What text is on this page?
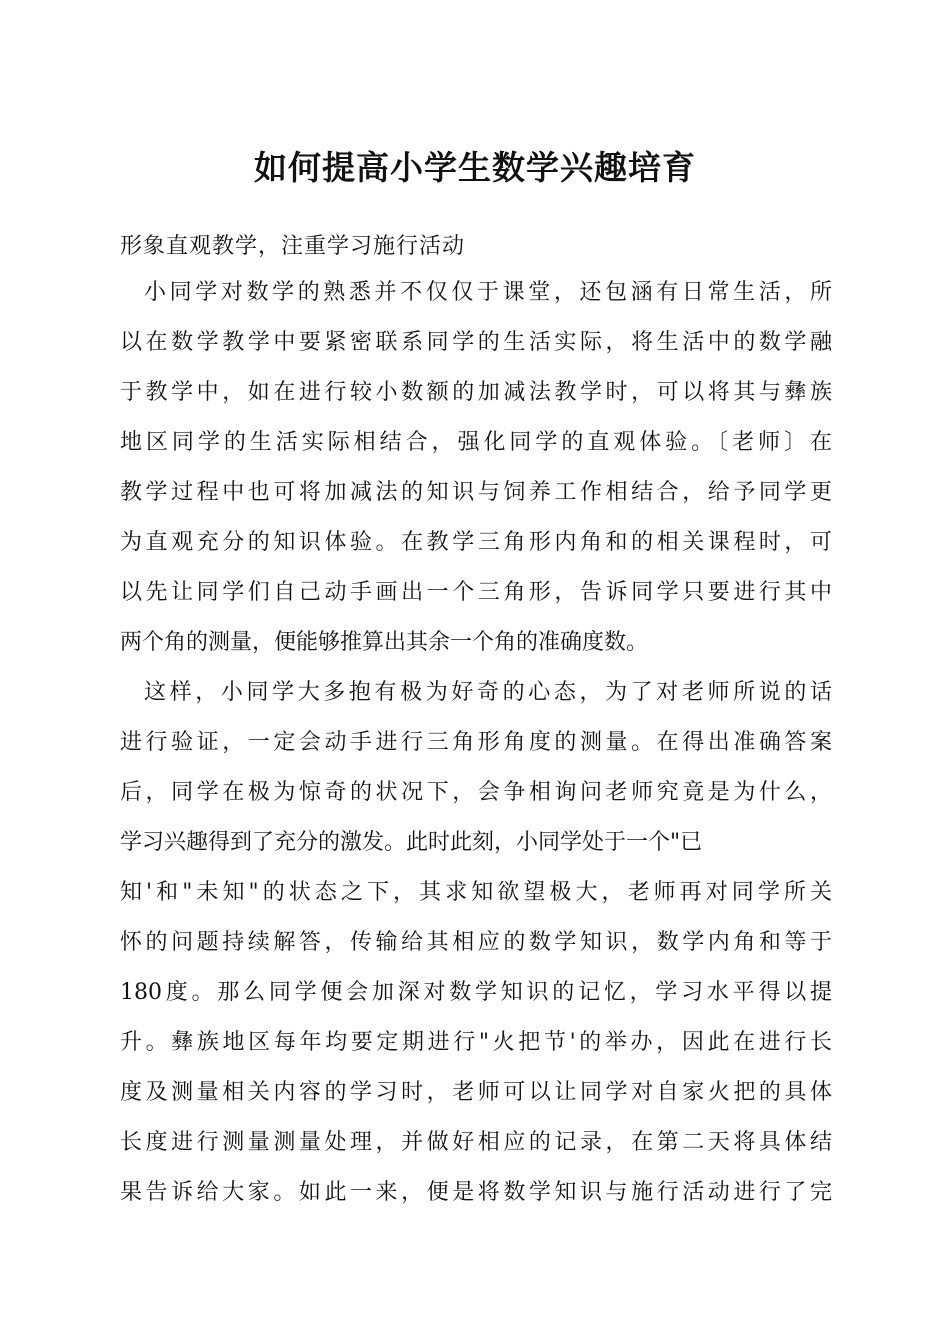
如何提高小学生数学兴趣培育

形象直观教学，注重学习施行活动

小同学对数学的熟悉并不仅仅于课堂，还包涵有日常生活，所

以在数学教学中要紧密联系同学的生活实际，将生活中的数学融

于教学中，如在进行较小数额的加减法教学时，可以将其与彝族

地区同学的生活实际相结合，强化同学的直观体验。〔老师〕在

教学过程中也可将加减法的知识与饲养工作相结合，给予同学更

为直观充分的知识体验。在教学三角形内角和的相关课程时，可

以先让同学们自己动手画出一个三角形，告诉同学只要进行其中

两个角的测量，便能够推算出其余一个角的准确度数。

这样，小同学大多抱有极为好奇的心态，为了对老师所说的话

进行验证，一定会动手进行三角形角度的测量。在得出准确答案

后，同学在极为惊奇的状况下，会争相询问老师究竟是为什么，

学习兴趣得到了充分的激发。此时此刻，小同学处于一个"已

知'和"未知"的状态之下，其求知欲望极大，老师再对同学所关

怀的问题持续解答，传输给其相应的数学知识，数学内角和等于

180度。那么同学便会加深对数学知识的记忆，学习水平得以提

升。彝族地区每年均要定期进行"火把节'的举办，因此在进行长

度及测量相关内容的学习时，老师可以让同学对自家火把的具体

长度进行测量测量处理，并做好相应的记录，在第二天将具体结

果告诉给大家。如此一来，便是将数学知识与施行活动进行了完
